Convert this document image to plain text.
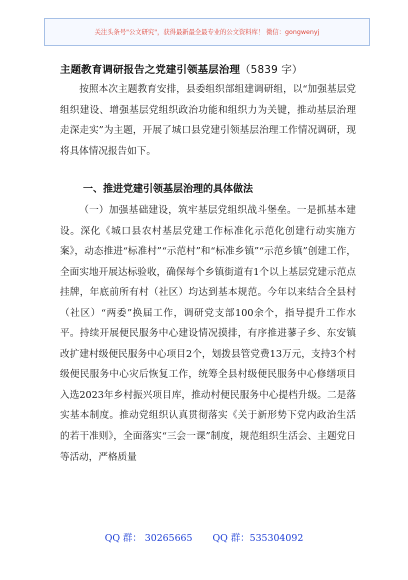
关注头条号"公文研究"，获得最新最全最专业的公文资料库！ 微信：gongwenyj
主题教育调研报告之党建引领基层治理（5839 字）

按照本次主题教育安排，县委组织部组建调研组，以“加强基层党组织建设、增强基层党组织政治功能和组织力为关键，推动基层治理走深走实”为主题，开展了城口县党建引领基层治理工作情况调研，现将具体情况报告如下。

一、推进党建引领基层治理的具体做法

（一）加强基础建设，筑牢基层党组织战斗堡垒。一是抓基本建设。深化《城口县农村基层党建工作标准化示范化创建行动实施方案》，动态推进“标准村”“示范村”和“标准乡镇”“示范乡镇”创建工作，全面实地开展达标验收，确保每个乡镇街道有1个以上基层党建示范点挂牌，年底前所有村（社区）均达到基本规范。今年以来结合全县村（社区）“两委”换届工作，调研党支部100余个，指导提升工作水平。持续开展便民服务中心建设情况摸排，有序推进蓼子乡、东安镇改扩建村级便民服务中心项目2个，划拨县管党费13万元，支持3个村级便民服务中心灾后恢复工作，统筹全县村级便民服务中心修缮项目入选2023年乡村振兴项目库，推动村便民服务中心提档升级。二是落实基本制度。推动党组织认真贯彻落实《关于新形势下党内政治生活的若干准则》，全面落实“三会一课”制度，规范组织生活会、主题党日等活动，严格质量

QQ 群： 30265665 QQ 群：535304092
